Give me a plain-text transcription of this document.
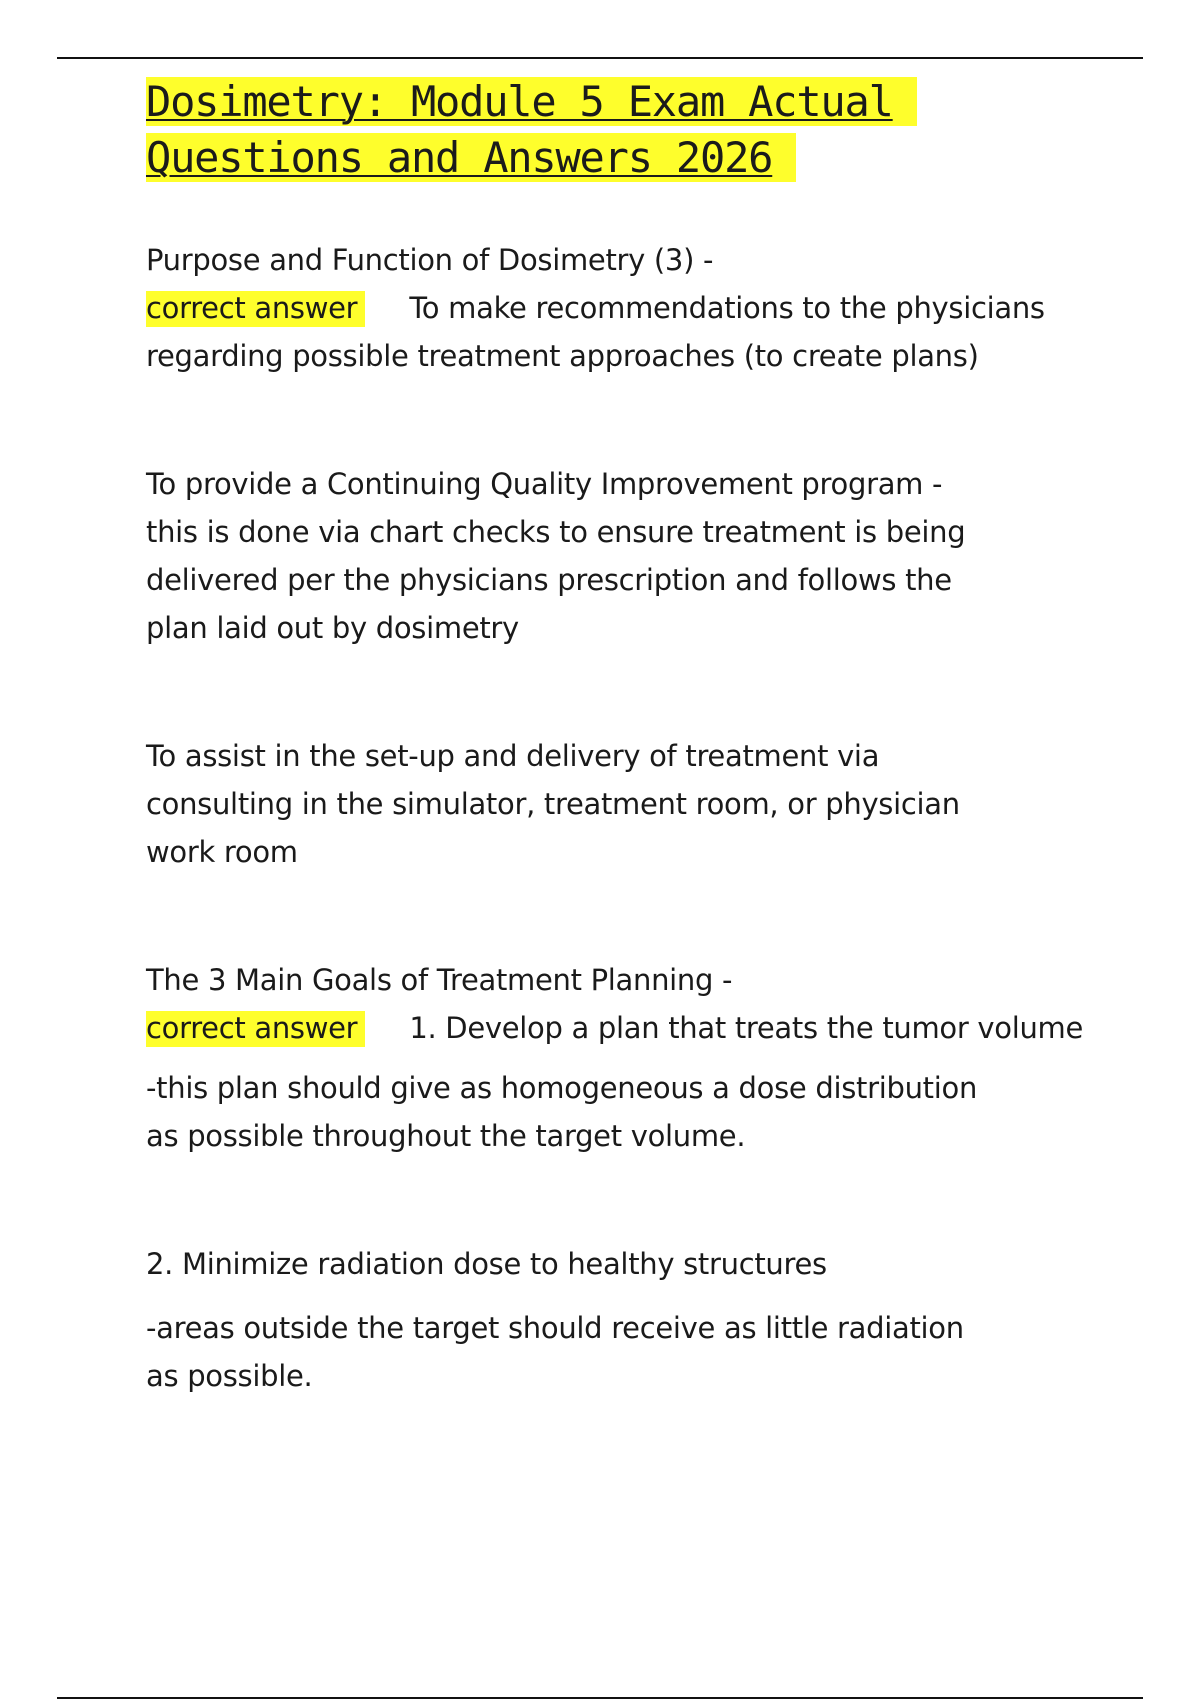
Dosimetry: Module 5 Exam Actual
Questions and Answers 2026

Purpose and Function of Dosimetry (3) -

correct answer To make recommendations to the physicians

regarding possible treatment approaches (to create plans)

To provide a Continuing Quality Improvement program - this is done via chart checks to ensure treatment is being delivered per the physicians prescription and follows the plan laid out by dosimetry

To assist in the set-up and delivery of treatment via consulting in the simulator, treatment room, or physician work room

The 3 Main Goals of Treatment Planning -

correct answer 1. Develop a plan that treats the tumor volume

-this plan should give as homogeneous a dose distribution as possible throughout the target volume.

2. Minimize radiation dose to healthy structures

-areas outside the target should receive as little radiation as possible.
